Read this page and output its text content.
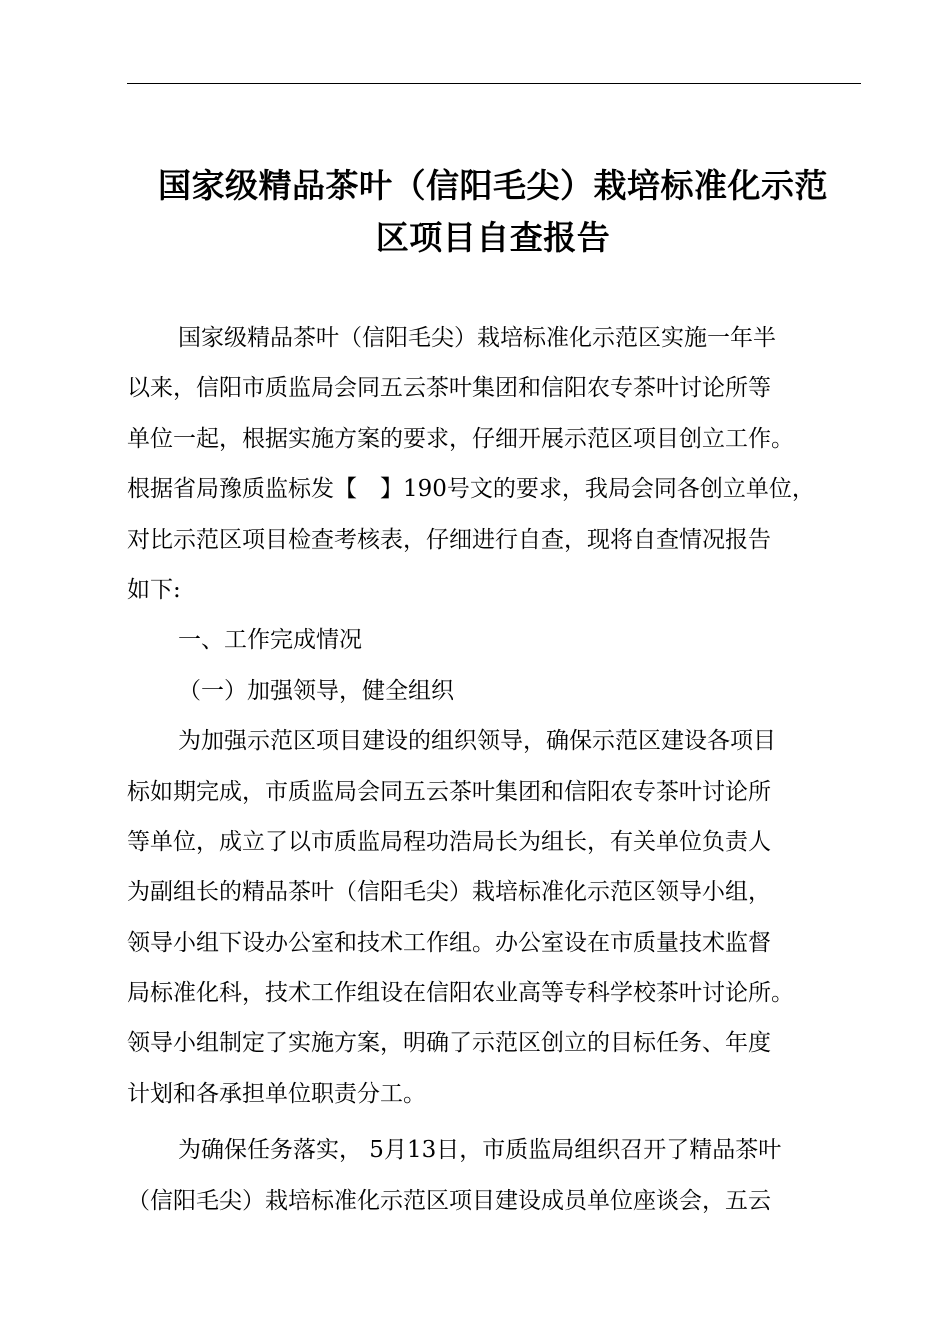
国家级精品茶叶（信阳毛尖）栽培标准化示范
区项目自查报告
国家级精品茶叶（信阳毛尖）栽培标准化示范区实施一年半
以来，信阳市质监局会同五云茶叶集团和信阳农专茶叶讨论所等
单位一起，根据实施方案的要求，仔细开展示范区项目创立工作。
根据省局豫质监标发【　】190号文的要求，我局会同各创立单位，
对比示范区项目检查考核表，仔细进行自查，现将自查情况报告
如下:
一、工作完成情况
（一）加强领导，健全组织
为加强示范区项目建设的组织领导，确保示范区建设各项目
标如期完成，市质监局会同五云茶叶集团和信阳农专茶叶讨论所
等单位，成立了以市质监局程功浩局长为组长，有关单位负责人
为副组长的精品茶叶（信阳毛尖）栽培标准化示范区领导小组，
领导小组下设办公室和技术工作组。办公室设在市质量技术监督
局标准化科，技术工作组设在信阳农业高等专科学校茶叶讨论所。
领导小组制定了实施方案，明确了示范区创立的目标任务、年度
计划和各承担单位职责分工。
为确保任务落实， 5月13日，市质监局组织召开了精品茶叶
（信阳毛尖）栽培标准化示范区项目建设成员单位座谈会，五云
